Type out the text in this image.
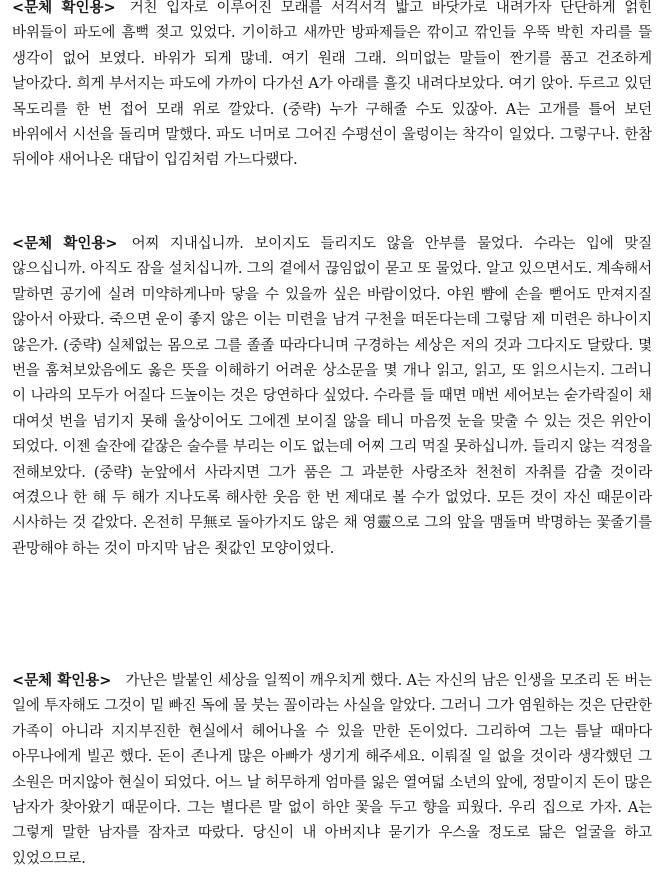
<문체 확인용> 거친 입자로 이루어진 모래를 서걱서걱 밟고 바닷가로 내려가자 단단하게 얽힌 바위들이 파도에 흠뻑 젖고 있었다. 기이하고 새까만 방파제들은 깎이고 깎인들 우뚝 박힌 자리를 뜰 생각이 없어 보였다. 바위가 되게 많네. 여기 원래 그래. 의미없는 말들이 짠기를 품고 건조하게 날아갔다. 희게 부서지는 파도에 가까이 다가선 A가 아래를 흘깃 내려다보았다. 여기 앉아. 두르고 있던 목도리를 한 번 접어 모래 위로 깔았다. (중략) 누가 구해줄 수도 있잖아. A는 고개를 틀어 보던 바위에서 시선을 돌리며 말했다. 파도 너머로 그어진 수평선이 울렁이는 착각이 일었다. 그렇구나. 한참 뒤에야 새어나온 대답이 입김처럼 가느다랬다.

<문체 확인용> 어찌 지내십니까. 보이지도 들리지도 않을 안부를 물었다. 수라는 입에 맞질 않으십니까. 아직도 잠을 설치십니까. 그의 곁에서 끊임없이 묻고 또 물었다. 알고 있으면서도. 계속해서 말하면 공기에 실려 미약하게나마 닿을 수 있을까 싶은 바람이었다. 야윈 뺨에 손을 뻗어도 만져지질 않아서 아팠다. 죽으면 운이 좋지 않은 이는 미련을 남겨 구천을 떠돈다는데 그렇담 제 미련은 하나이지 않은가. (중략) 실체없는 몸으로 그를 졸졸 따라다니며 구경하는 세상은 저의 것과 그다지도 달랐다. 몇 번을 훔쳐보았음에도 옳은 뜻을 이해하기 어려운 상소문을 몇 개나 읽고, 읽고, 또 읽으시는지. 그러니 이 나라의 모두가 어질다 드높이는 것은 당연하다 싶었다. 수라를 들 때면 매번 세어보는 숟가락질이 채 대여섯 번을 넘기지 못해 울상이어도 그에겐 보이질 않을 테니 마음껏 눈을 맞출 수 있는 것은 위안이 되었다. 이젠 술잔에 같잖은 술수를 부리는 이도 없는데 어찌 그리 먹질 못하십니까. 들리지 않는 걱정을 전해보았다. (중략) 눈앞에서 사라지면 그가 품은 그 과분한 사랑조차 천천히 자취를 감출 것이라 여겼으나 한 해 두 해가 지나도록 해사한 웃음 한 번 제대로 볼 수가 없었다. 모든 것이 자신 때문이라 시사하는 것 같았다. 온전히 무無로 돌아가지도 않은 채 영靈으로 그의 앞을 맴돌며 박명하는 꽃줄기를 관망해야 하는 것이 마지막 남은 죗값인 모양이었다.

<문체 확인용> 가난은 발붙인 세상을 일찍이 깨우치게 했다. A는 자신의 남은 인생을 모조리 돈 버는 일에 투자해도 그것이 밑 빠진 독에 물 붓는 꼴이라는 사실을 알았다. 그러니 그가 염원하는 것은 단란한 가족이 아니라 지지부진한 현실에서 헤어나올 수 있을 만한 돈이었다. 그리하여 그는 틈날 때마다 아무나에게 빌곤 했다. 돈이 존나게 많은 아빠가 생기게 해주세요. 이뤄질 일 없을 것이라 생각했던 그 소원은 머지않아 현실이 되었다. 어느 날 허무하게 엄마를 잃은 열여덟 소년의 앞에, 정말이지 돈이 많은 남자가 찾아왔기 때문이다. 그는 별다른 말 없이 하얀 꽃을 두고 향을 피웠다. 우리 집으로 가자. A는 그렇게 말한 남자를 잠자코 따랐다. 당신이 내 아버지냐 묻기가 우스울 정도로 닮은 얼굴을 하고 있었으므로.
